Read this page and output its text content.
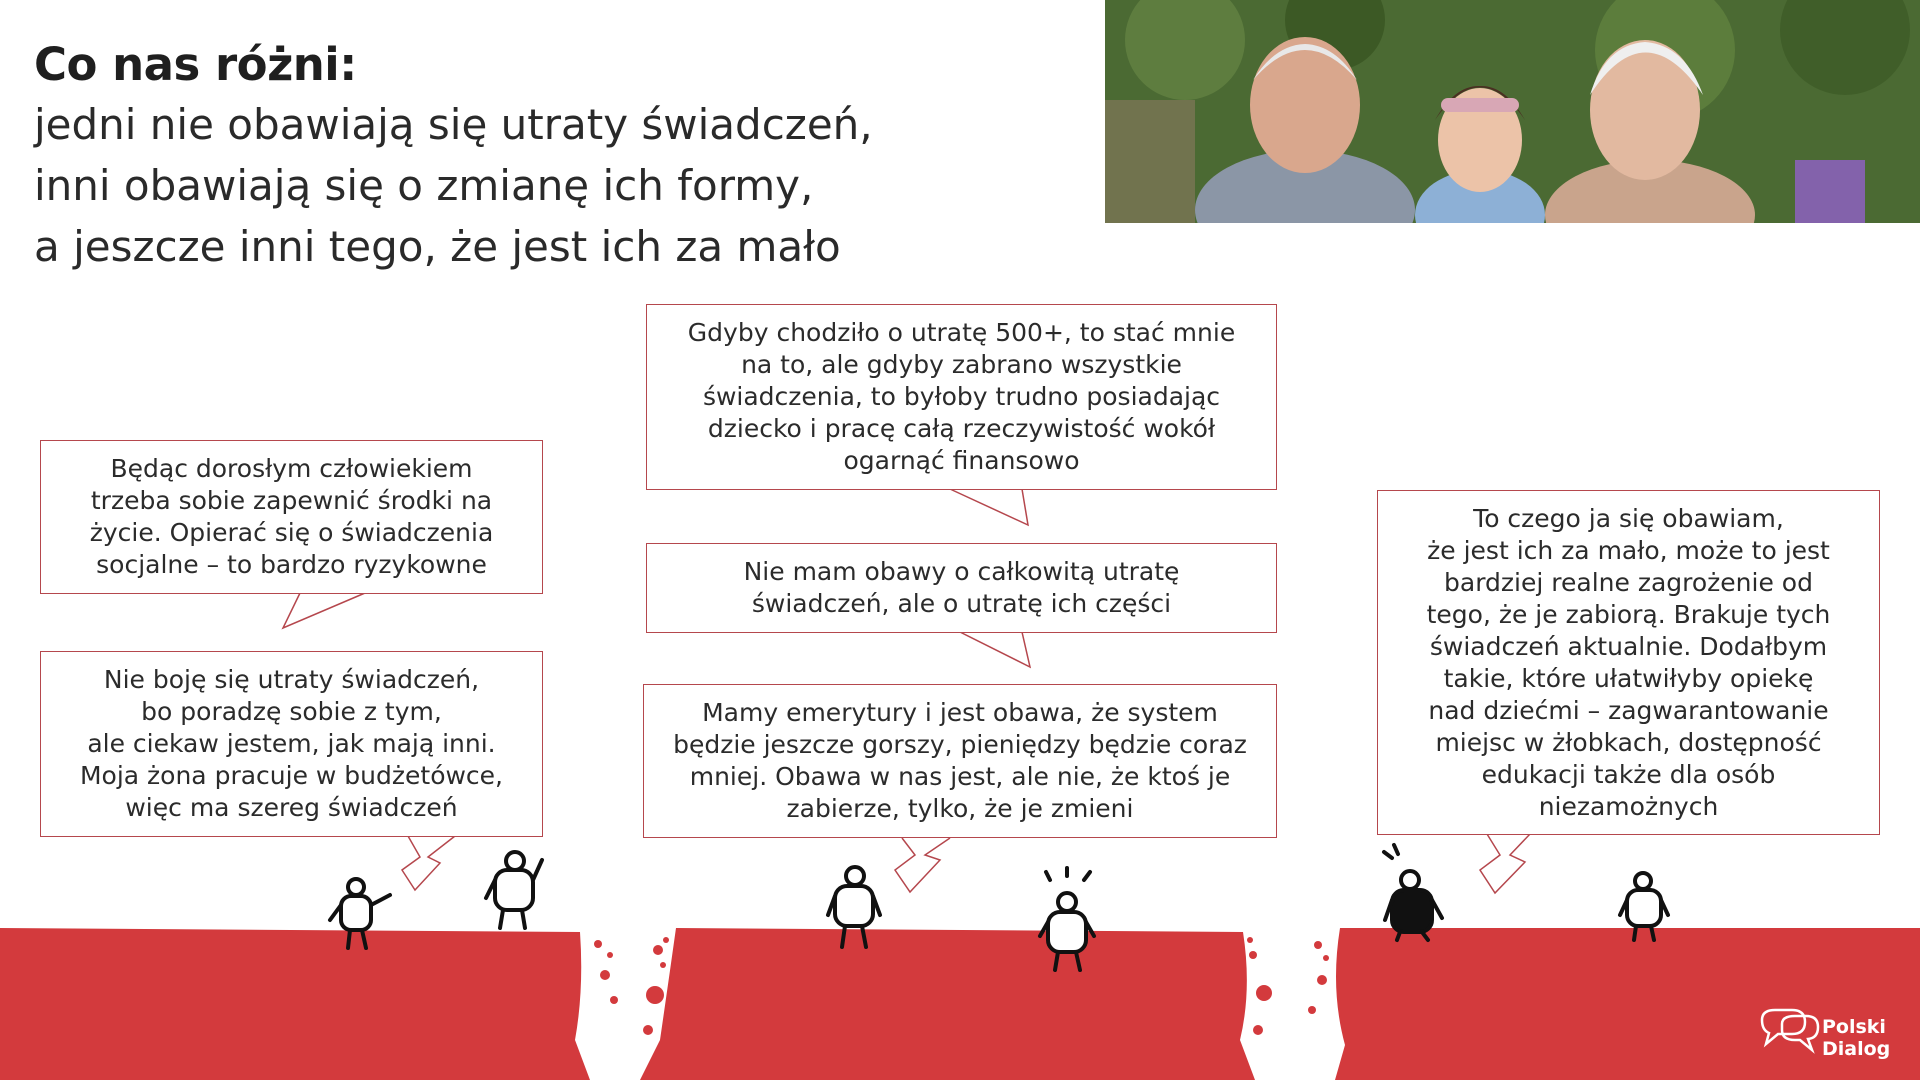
Co nas różni:
jedni nie obawiają się utraty świadczeń,
inni obawiają się o zmianę ich formy,
a jeszcze inni tego, że jest ich za mało

Będąc dorosłym człowiekiem
trzeba sobie zapewnić środki na
życie. Opierać się o świadczenia
socjalne – to bardzo ryzykowne

Nie boję się utraty świadczeń,
bo poradzę sobie z tym,
ale ciekaw jestem, jak mają inni.
Moja żona pracuje w budżetówce,
więc ma szereg świadczeń

Gdyby chodziło o utratę 500+, to stać mnie
na to, ale gdyby zabrano wszystkie
świadczenia, to byłoby trudno posiadając
dziecko i pracę całą rzeczywistość wokół
ogarnąć finansowo

Nie mam obawy o całkowitą utratę
świadczeń, ale o utratę ich części

Mamy emerytury i jest obawa, że system
będzie jeszcze gorszy, pieniędzy będzie coraz
mniej. Obawa w nas jest, ale nie, że ktoś je
zabierze, tylko, że je zmieni

To czego ja się obawiam,
że jest ich za mało, może to jest
bardziej realne zagrożenie od
tego, że je zabiorą. Brakuje tych
świadczeń aktualnie. Dodałbym
takie, które ułatwiłyby opiekę
nad dziećmi – zagwarantowanie
miejsc w żłobkach, dostępność
edukacji także dla osób
niezamożnych

Polski
Dialog
